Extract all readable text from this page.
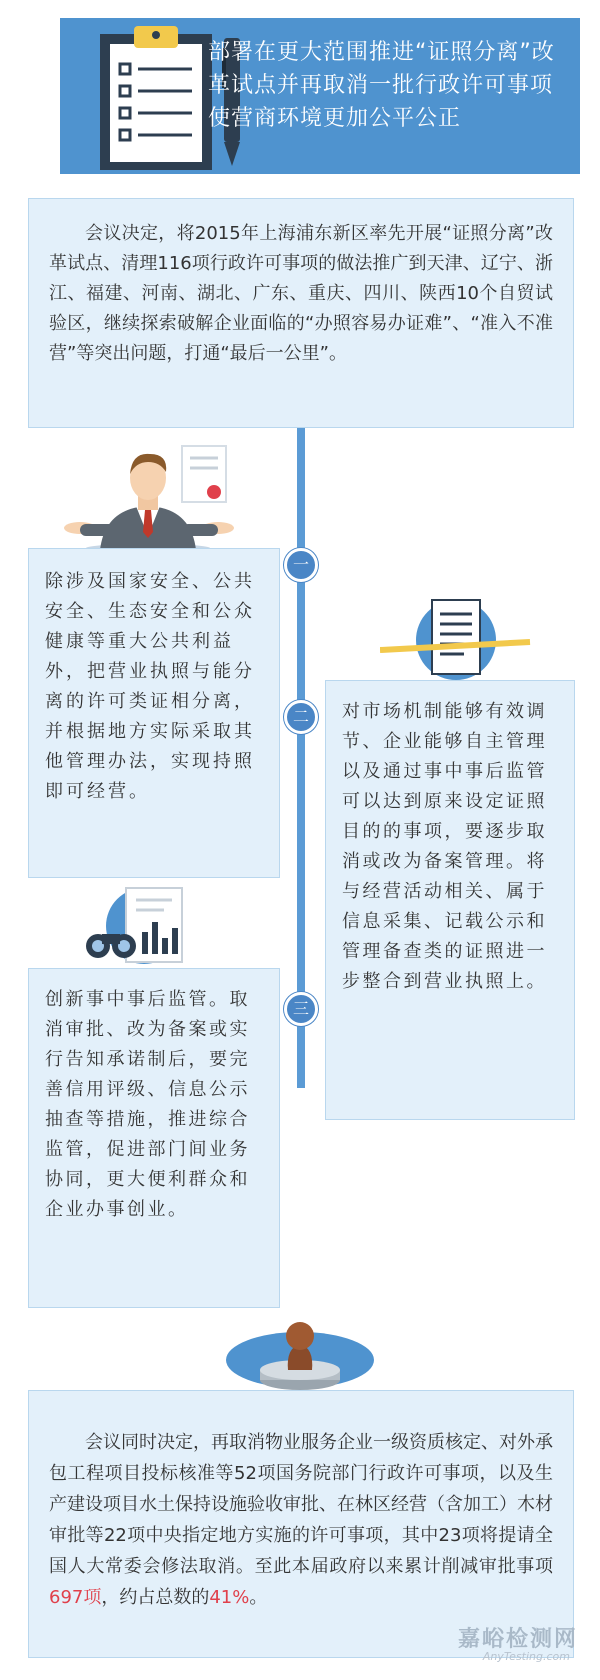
部署在更大范围推进“证照分离”改革试点并再取消一批行政许可事项　使营商环境更加公平公正

会议决定，将2015年上海浦东新区率先开展“证照分离”改革试点、清理116项行政许可事项的做法推广到天津、辽宁、浙江、福建、河南、湖北、广东、重庆、四川、陕西10个自贸试验区，继续探索破解企业面临的“办照容易办证难”、“准入不准营”等突出问题，打通“最后一公里”。

除涉及国家安全、公共安全、生态安全和公众健康等重大公共利益外，把营业执照与能分离的许可类证相分离，并根据地方实际采取其他管理办法，实现持照即可经营。

对市场机制能够有效调节、企业能够自主管理以及通过事中事后监管可以达到原来设定证照目的的事项，要逐步取消或改为备案管理。将与经营活动相关、属于信息采集、记载公示和管理备查类的证照进一步整合到营业执照上。

创新事中事后监管。取消审批、改为备案或实行告知承诺制后，要完善信用评级、信息公示抽查等措施，推进综合监管，促进部门间业务协同，更大便利群众和企业办事创业。

一
二
三

会议同时决定，再取消物业服务企业一级资质核定、对外承包工程项目投标核准等52项国务院部门行政许可事项，以及生产建设项目水土保持设施验收审批、在林区经营（含加工）木材审批等22项中央指定地方实施的许可事项，其中23项将提请全国人大常委会修法取消。至此本届政府以来累计削减审批事项697项，约占总数的41%。

嘉峪检测网
AnyTesting.com
